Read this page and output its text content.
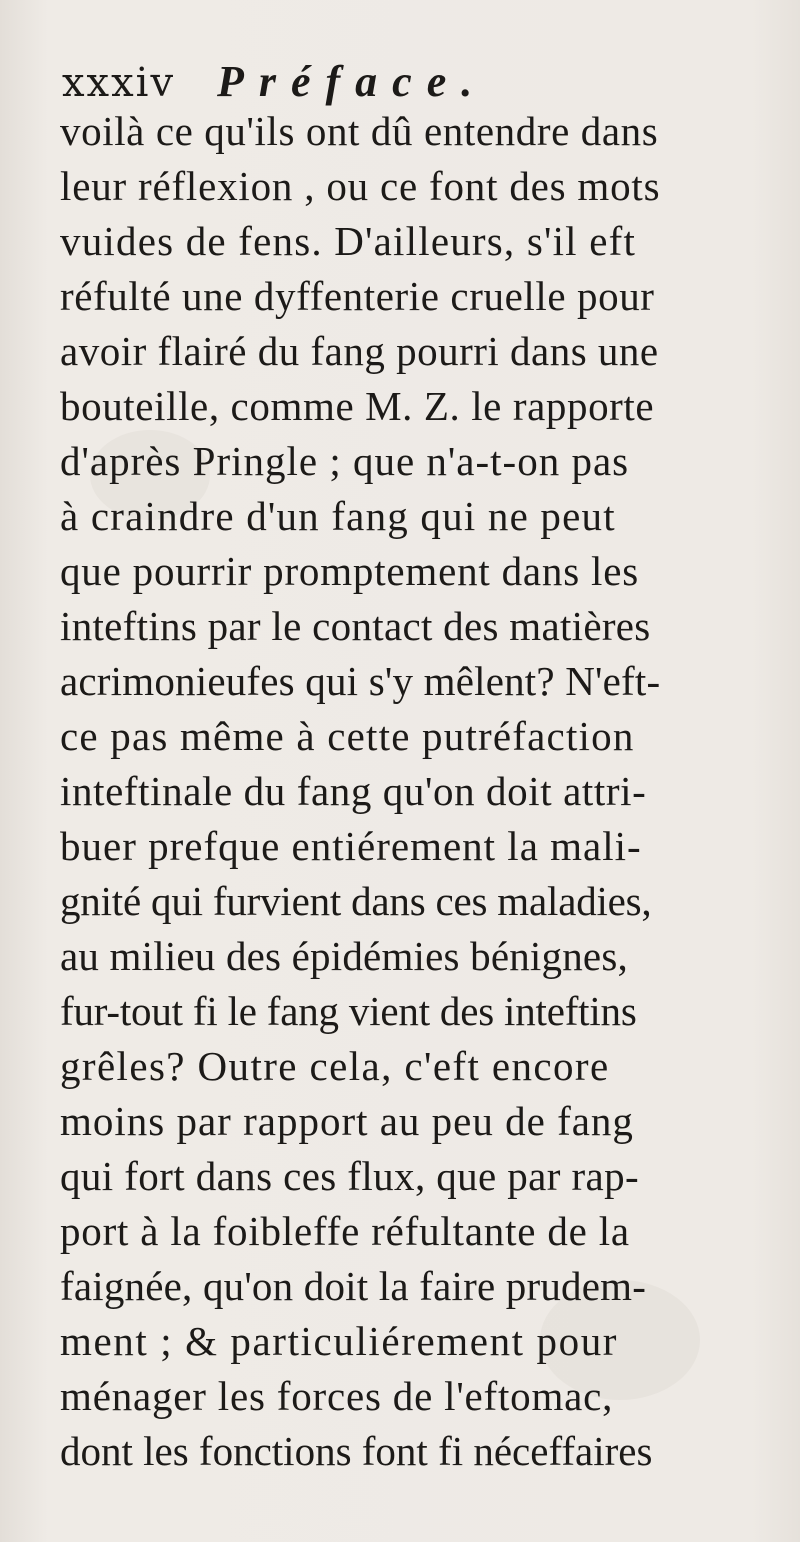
xxxiv Préface.
voilà ce qu'ils ont dû entendre dans
leur réflexion , ou ce font des mots
vuides de fens. D'ailleurs, s'il eft
réfulté une dyffenterie cruelle pour
avoir flairé du fang pourri dans une
bouteille, comme M. Z. le rapporte
d'après Pringle ; que n'a-t-on pas
à craindre d'un fang qui ne peut
que pourrir promptement dans les
inteftins par le contact des matières
acrimonieufes qui s'y mêlent? N'eft-
ce pas même à cette putréfaction
inteftinale du fang qu'on doit attri-
buer prefque entiérement la mali-
gnité qui furvient dans ces maladies,
au milieu des épidémies bénignes,
fur-tout fi le fang vient des inteftins
grêles? Outre cela, c'eft encore
moins par rapport au peu de fang
qui fort dans ces flux, que par rap-
port à la foibleffe réfultante de la
faignée, qu'on doit la faire prudem-
ment ; & particuliérement pour
ménager les forces de l'eftomac,
dont les fonctions font fi néceffaires
